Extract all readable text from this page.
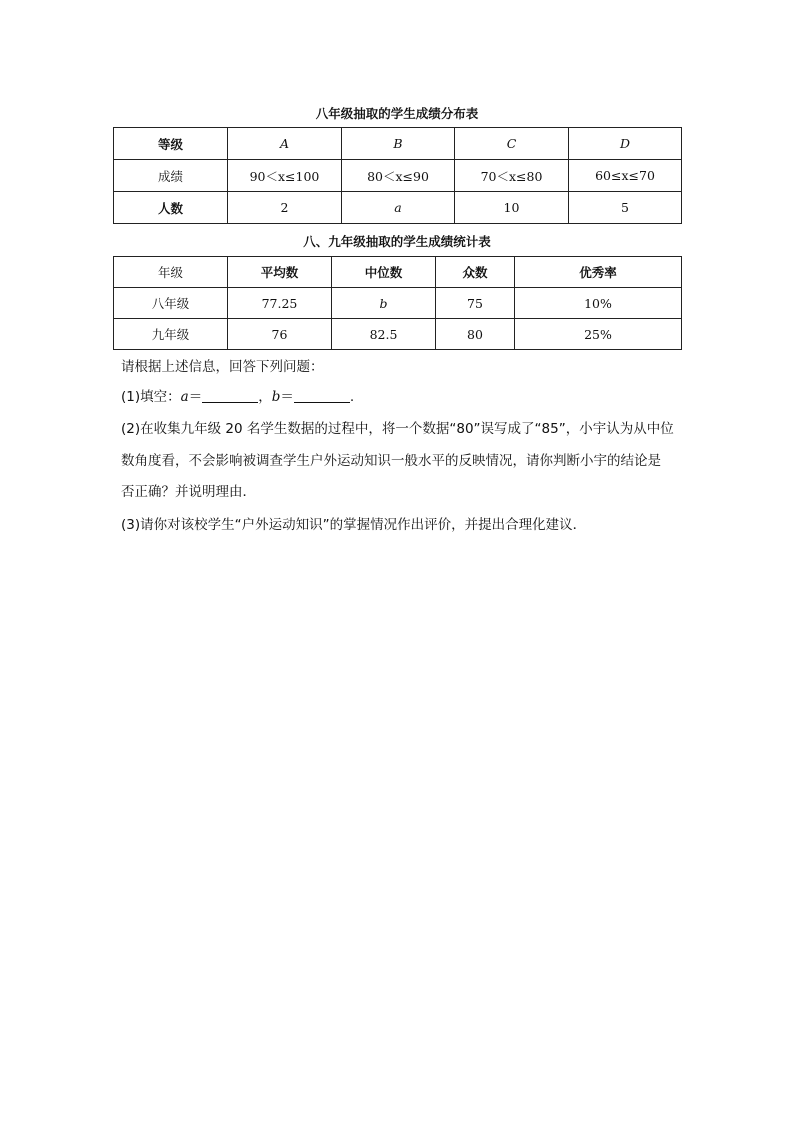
八年级抽取的学生成绩分布表
等级	A	B	C	D
成绩	90＜x≤100	80＜x≤90	70＜x≤80	60≤x≤70
人数	2	a	10	5
八、九年级抽取的学生成绩统计表
年级	平均数	中位数	众数	优秀率
八年级	77.25	b	75	10%
九年级	76	82.5	80	25%
请根据上述信息，回答下列问题：
(1)填空：a＝	，b＝	.
(2)在收集九年级 20 名学生数据的过程中，将一个数据“80”误写成了“85”，小宇认为从中位
数角度看，不会影响被调查学生户外运动知识一般水平的反映情况，请你判断小宇的结论是
否正确？并说明理由．
(3)请你对该校学生“户外运动知识”的掌握情况作出评价，并提出合理化建议．
